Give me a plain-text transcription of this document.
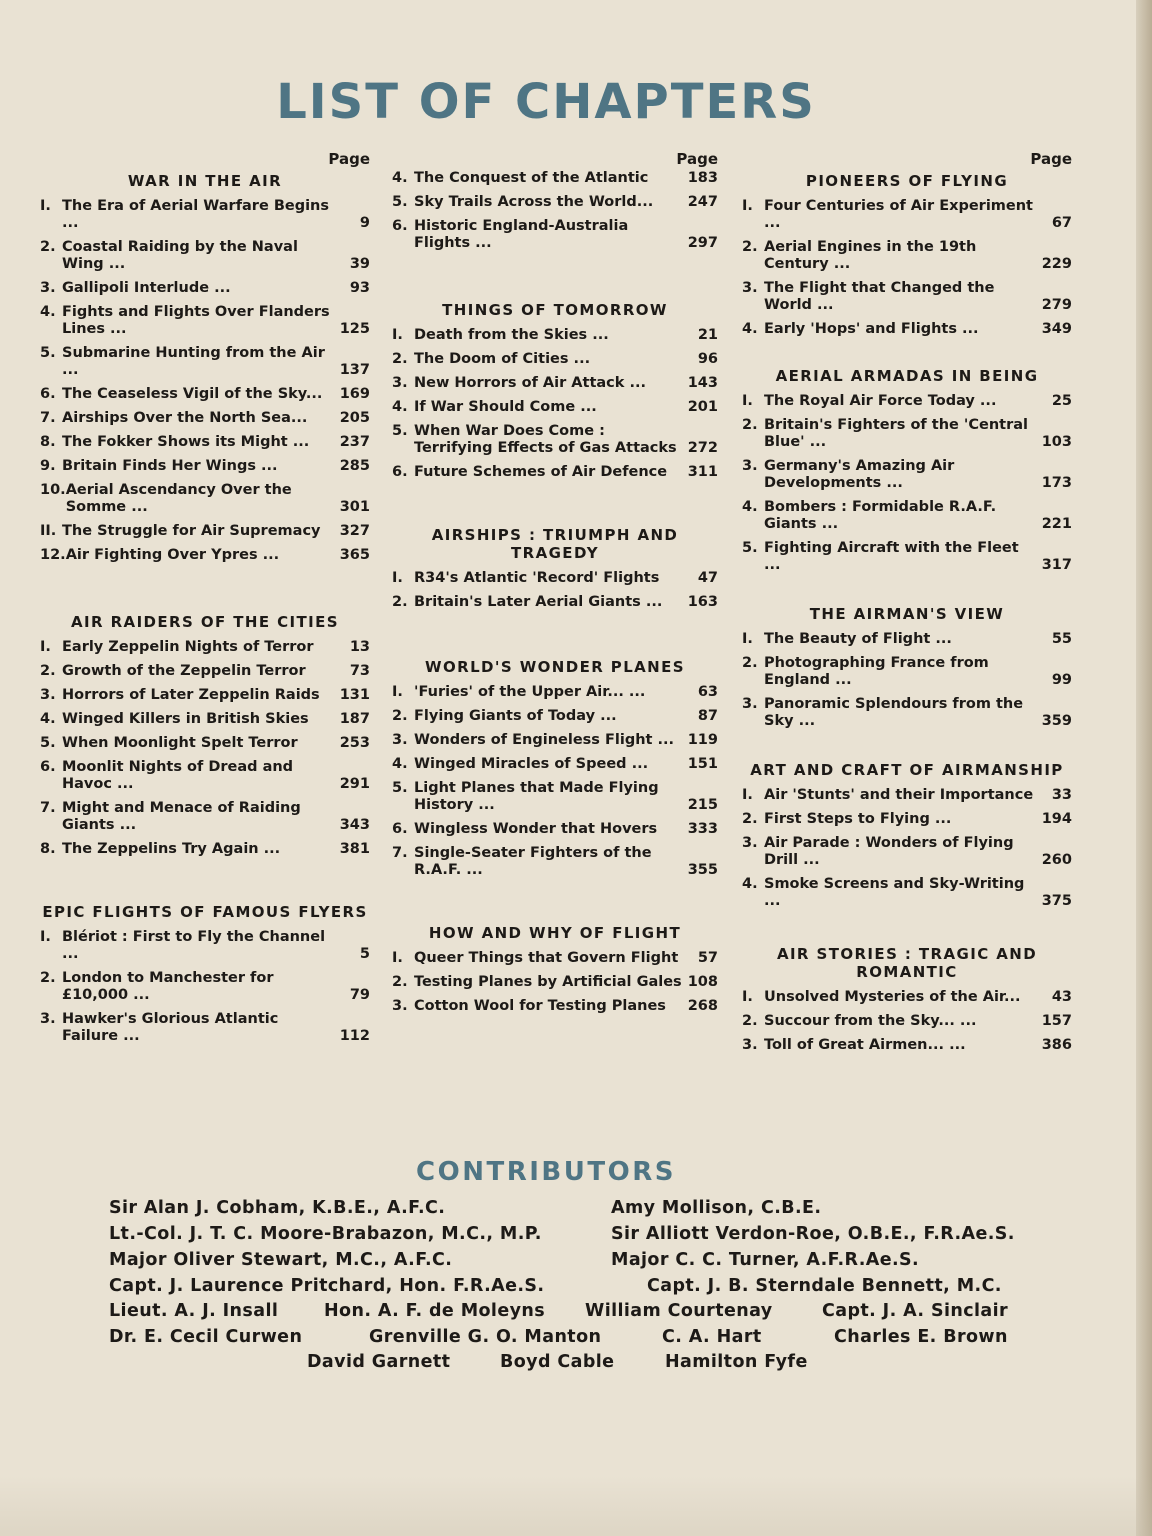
LIST OF CHAPTERS
Page
WAR IN THE AIR
I. The Era of Aerial Warfare Begins ...	9
2. Coastal Raiding by the Naval Wing ...	39
3. Gallipoli Interlude ...	93
4. Fights and Flights Over Flanders Lines ...	125
5. Submarine Hunting from the Air ...	137
6. The Ceaseless Vigil of the Sky...	169
7. Airships Over the North Sea...	205
8. The Fokker Shows its Might ...	237
9. Britain Finds Her Wings ...	285
10. Aerial Ascendancy Over the Somme ...	301
II. The Struggle for Air Supremacy	327
12. Air Fighting Over Ypres ...	365
AIR RAIDERS OF THE CITIES
I. Early Zeppelin Nights of Terror	13
2. Growth of the Zeppelin Terror	73
3. Horrors of Later Zeppelin Raids	131
4. Winged Killers in British Skies	187
5. When Moonlight Spelt Terror	253
6. Moonlit Nights of Dread and Havoc ...	291
7. Might and Menace of Raiding Giants ...	343
8. The Zeppelins Try Again ...	381
EPIC FLIGHTS OF FAMOUS FLYERS
I. Blériot : First to Fly the Channel ...	5
2. London to Manchester for £10,000 ...	79
3. Hawker's Glorious Atlantic Failure ...	112
Page
4. The Conquest of the Atlantic	183
5. Sky Trails Across the World...	247
6. Historic England-Australia Flights ...	297
THINGS OF TOMORROW
I. Death from the Skies ...	21
2. The Doom of Cities ...	96
3. New Horrors of Air Attack ...	143
4. If War Should Come ...	201
5. When War Does Come : Terrifying Effects of Gas Attacks 272
6. Future Schemes of Air Defence	311
AIRSHIPS : TRIUMPH AND TRAGEDY
I. R34's Atlantic 'Record' Flights	47
2. Britain's Later Aerial Giants ...	163
WORLD'S WONDER PLANES
I. 'Furies' of the Upper Air... ...	63
2. Flying Giants of Today ...	87
3. Wonders of Engineless Flight ... 119
4. Winged Miracles of Speed ...	151
5. Light Planes that Made Flying History ...	215
6. Wingless Wonder that Hovers	333
7. Single-Seater Fighters of the R.A.F. ...	355
HOW AND WHY OF FLIGHT
I. Queer Things that Govern Flight	57
2. Testing Planes by Artificial Gales 108
3. Cotton Wool for Testing Planes	268
Page
PIONEERS OF FLYING
I. Four Centuries of Air Experiment ...	67
2. Aerial Engines in the 19th Century ...	229
3. The Flight that Changed the World ...	279
4. Early 'Hops' and Flights ...	349
AERIAL ARMADAS IN BEING
I. The Royal Air Force Today ...	25
2. Britain's Fighters of the 'Central Blue' ...	103
3. Germany's Amazing Air Developments ...	173
4. Bombers : Formidable R.A.F. Giants ...	221
5. Fighting Aircraft with the Fleet ...	317
THE AIRMAN'S VIEW
I. The Beauty of Flight ...	55
2. Photographing France from England ...	99
3. Panoramic Splendours from the Sky ...	359
ART AND CRAFT OF AIRMANSHIP
I. Air 'Stunts' and their Importance	33
2. First Steps to Flying ...	194
3. Air Parade : Wonders of Flying Drill ...	260
4. Smoke Screens and Sky-Writing ...	375
AIR STORIES : TRAGIC AND ROMANTIC
I. Unsolved Mysteries of the Air...	43
2. Succour from the Sky... ...	157
3. Toll of Great Airmen... ...	386
CONTRIBUTORS
Sir Alan J. Cobham, K.B.E., A.F.C.	Amy Mollison, C.B.E.
Lt.-Col. J. T. C. Moore-Brabazon, M.C., M.P.	Sir Alliott Verdon-Roe, O.B.E., F.R.Ae.S.
Major Oliver Stewart, M.C., A.F.C.	Major C. C. Turner, A.F.R.Ae.S.
Capt. J. Laurence Pritchard, Hon. F.R.Ae.S.	Capt. J. B. Sterndale Bennett, M.C.
Lieut. A. J. Insall	Hon. A. F. de Moleyns William Courtenay	Capt. J. A. Sinclair
Dr. E. Cecil Curwen	Grenville G. O. Manton	C. A. Hart	Charles E. Brown
David Garnett	Boyd Cable	Hamilton Fyfe
